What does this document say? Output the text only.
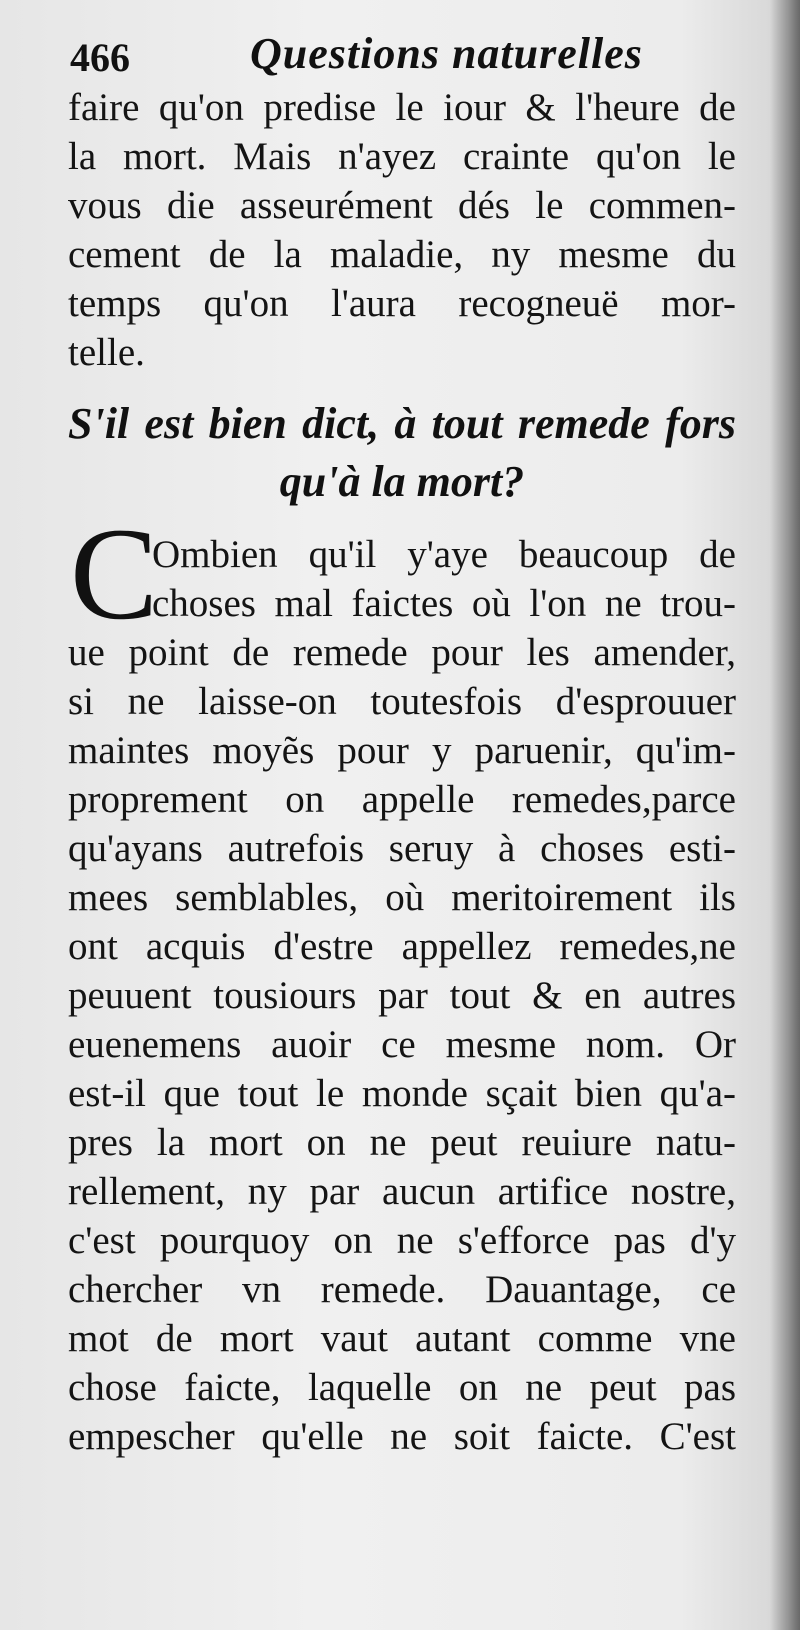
466	Questions naturelles
faire qu'on predise le iour & l'heure de
la mort. Mais n'ayez crainte qu'on le
vous die asseurément dés le commen-
cement de la maladie, ny mesme du
temps qu'on l'aura recogneuë mor-
telle.
S'il est bien dict, à tout remede fors
qu'à la mort?
C
Ombien qu'il y'aye beaucoup de
choses mal faictes où l'on ne trou-
ue point de remede pour les amender,
si ne laisse-on toutesfois d'esprouuer
maintes moyẽs pour y paruenir, qu'im-
proprement on appelle remedes,parce
qu'ayans autrefois seruy à choses esti-
mees semblables, où meritoirement ils
ont acquis d'estre appellez remedes,ne
peuuent tousiours par tout & en autres
euenemens auoir ce mesme nom. Or
est-il que tout le monde sçait bien qu'a-
pres la mort on ne peut reuiure natu-
rellement, ny par aucun artifice nostre,
c'est pourquoy on ne s'efforce pas d'y
chercher vn remede. Dauantage, ce
mot de mort vaut autant comme vne
chose faicte, laquelle on ne peut pas
empescher qu'elle ne soit faicte. C'est
